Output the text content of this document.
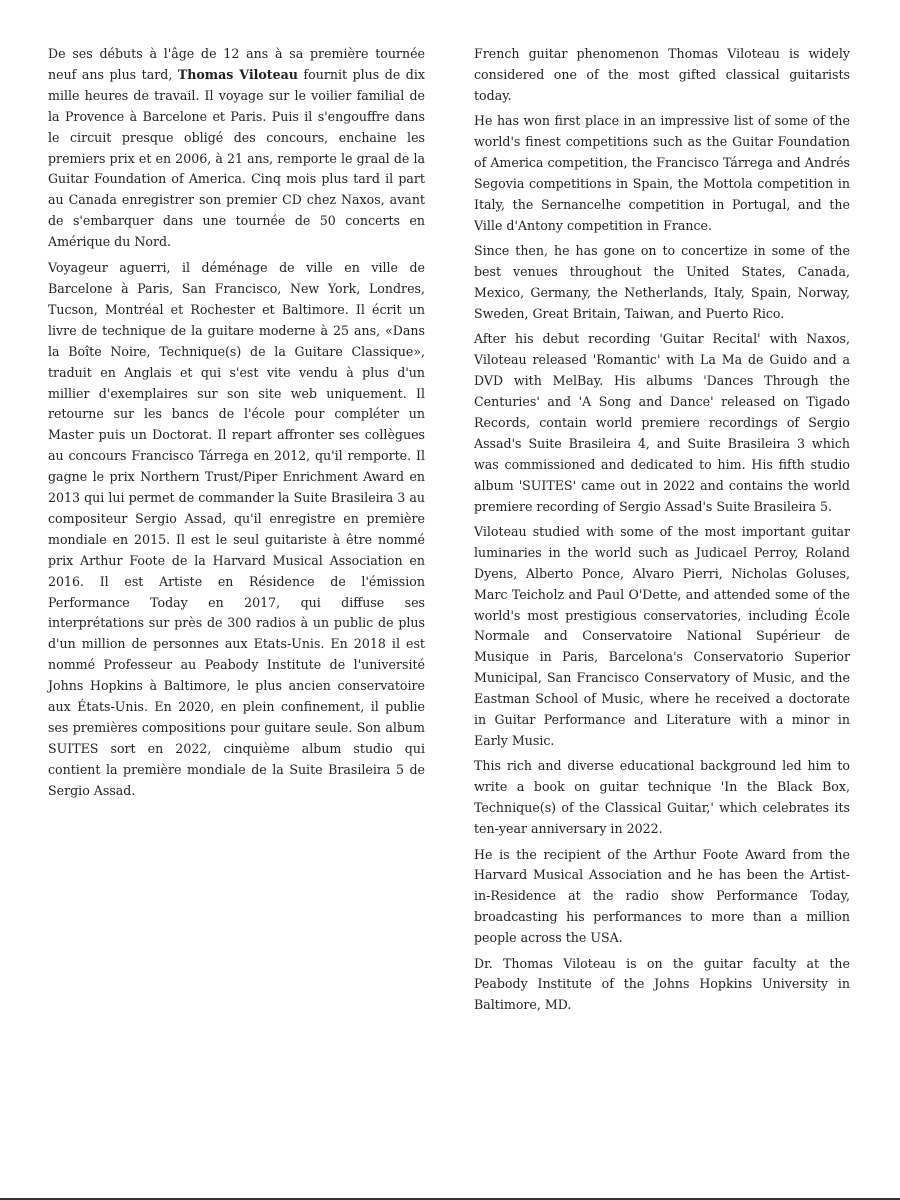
De ses débuts à l'âge de 12 ans à sa première tournée neuf ans plus tard, Thomas Viloteau fournit plus de dix mille heures de travail. Il voyage sur le voilier familial de la Provence à Barcelone et Paris. Puis il s'engouffre dans le circuit presque obligé des concours, enchaine les premiers prix et en 2006, à 21 ans, remporte le graal de la Guitar Foundation of America. Cinq mois plus tard il part au Canada enregistrer son premier CD chez Naxos, avant de s'embarquer dans une tournée de 50 concerts en Amérique du Nord.

Voyageur aguerri, il déménage de ville en ville de Barcelone à Paris, San Francisco, New York, Londres, Tucson, Montréal et Rochester et Baltimore. Il écrit un livre de technique de la guitare moderne à 25 ans, «Dans la Boîte Noire, Technique(s) de la Guitare Classique», traduit en Anglais et qui s'est vite vendu à plus d'un millier d'exemplaires sur son site web uniquement. Il retourne sur les bancs de l'école pour compléter un Master puis un Doctorat. Il repart affronter ses collègues au concours Francisco Tárrega en 2012, qu'il remporte. Il gagne le prix Northern Trust/Piper Enrichment Award en 2013 qui lui permet de commander la Suite Brasileira 3 au compositeur Sergio Assad, qu'il enregistre en première mondiale en 2015. Il est le seul guitariste à être nommé prix Arthur Foote de la Harvard Musical Association en 2016. Il est Artiste en Résidence de l'émission Performance Today en 2017, qui diffuse ses interprétations sur près de 300 radios à un public de plus d'un million de personnes aux Etats-Unis. En 2018 il est nommé Professeur au Peabody Institute de l'université Johns Hopkins à Baltimore, le plus ancien conservatoire aux États-Unis. En 2020, en plein confinement, il publie ses premières compositions pour guitare seule. Son album SUITES sort en 2022, cinquième album studio qui contient la première mondiale de la Suite Brasileira 5 de Sergio Assad.

French guitar phenomenon Thomas Viloteau is widely considered one of the most gifted classical guitarists today.

He has won first place in an impressive list of some of the world's finest competitions such as the Guitar Foundation of America competition, the Francisco Tárrega and Andrés Segovia competitions in Spain, the Mottola competition in Italy, the Sernancelhe competition in Portugal, and the Ville d'Antony competition in France.

Since then, he has gone on to concertize in some of the best venues throughout the United States, Canada, Mexico, Germany, the Netherlands, Italy, Spain, Norway, Sweden, Great Britain, Taiwan, and Puerto Rico.

After his debut recording 'Guitar Recital' with Naxos, Viloteau released 'Romantic' with La Ma de Guido and a DVD with MelBay. His albums 'Dances Through the Centuries' and 'A Song and Dance' released on Tigado Records, contain world premiere recordings of Sergio Assad's Suite Brasileira 4, and Suite Brasileira 3 which was commissioned and dedicated to him. His fifth studio album 'SUITES' came out in 2022 and contains the world premiere recording of Sergio Assad's Suite Brasileira 5.

Viloteau studied with some of the most important guitar luminaries in the world such as Judicael Perroy, Roland Dyens, Alberto Ponce, Alvaro Pierri, Nicholas Goluses, Marc Teicholz and Paul O'Dette, and attended some of the world's most prestigious conservatories, including École Normale and Conservatoire National Supérieur de Musique in Paris, Barcelona's Conservatorio Superior Municipal, San Francisco Conservatory of Music, and the Eastman School of Music, where he received a doctorate in Guitar Performance and Literature with a minor in Early Music.

This rich and diverse educational background led him to write a book on guitar technique 'In the Black Box, Technique(s) of the Classical Guitar,' which celebrates its ten-year anniversary in 2022.

He is the recipient of the Arthur Foote Award from the Harvard Musical Association and he has been the Artist-in-Residence at the radio show Performance Today, broadcasting his performances to more than a million people across the USA.

Dr. Thomas Viloteau is on the guitar faculty at the Peabody Institute of the Johns Hopkins University in Baltimore, MD.
